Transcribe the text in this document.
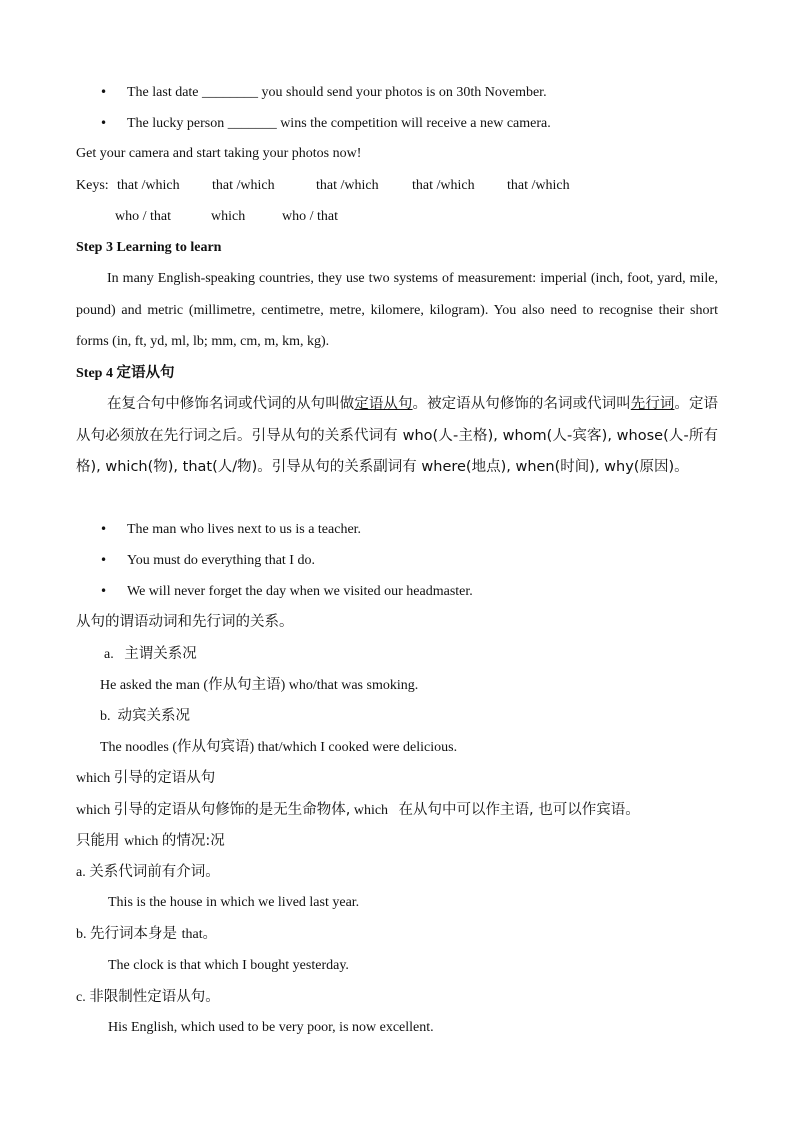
• The last date ________ you should send your photos is on 30th November.
• The lucky person _______ wins the competition will receive a new camera.
Get your camera and start taking your photos now!
Keys: that /which that /which	that /which that /which that /which
who / that	which	who / that
Step 3 Learning to learn
In many English-speaking countries, they use two systems of measurement: imperial (inch, foot, yard, mile, pound) and metric (millimetre, centimetre, metre, kilomere, kilogram). You also need to recognise their short forms (in, ft, yd, ml, lb; mm, cm, m, km, kg).
Step 4 定语从句
在复合句中修饰名词或代词的从句叫做定语从句。被定语从句修饰的名词或代词叫先行词。定语从句必须放在先行词之后。引导从句的关系代词有 who(人-主格), whom(人-宾客), whose(人-所有格), which(物), that(人/物)。引导从句的关系副词有 where(地点), when(时间), why(原因)。
• The man who lives next to us is a teacher.
• You must do everything that I do.
• We will never forget the day when we visited our headmaster.
从句的谓语动词和先行词的关系。
a. 主谓关系况
He asked the man (作从句主语) who/that was smoking.
b. 动宾关系况
The noodles (作从句宾语) that/which I cooked were delicious.
which 引导的定语从句
which 引导的定语从句修饰的是无生命物体, which   在从句中可以作主语, 也可以作宾语。
只能用 which 的情况:况
a. 关系代词前有介词。
This is the house in which we lived last year.
b. 先行词本身是 that。
The clock is that which I bought yesterday.
c. 非限制性定语从句。
His English, which used to be very poor, is now excellent.
